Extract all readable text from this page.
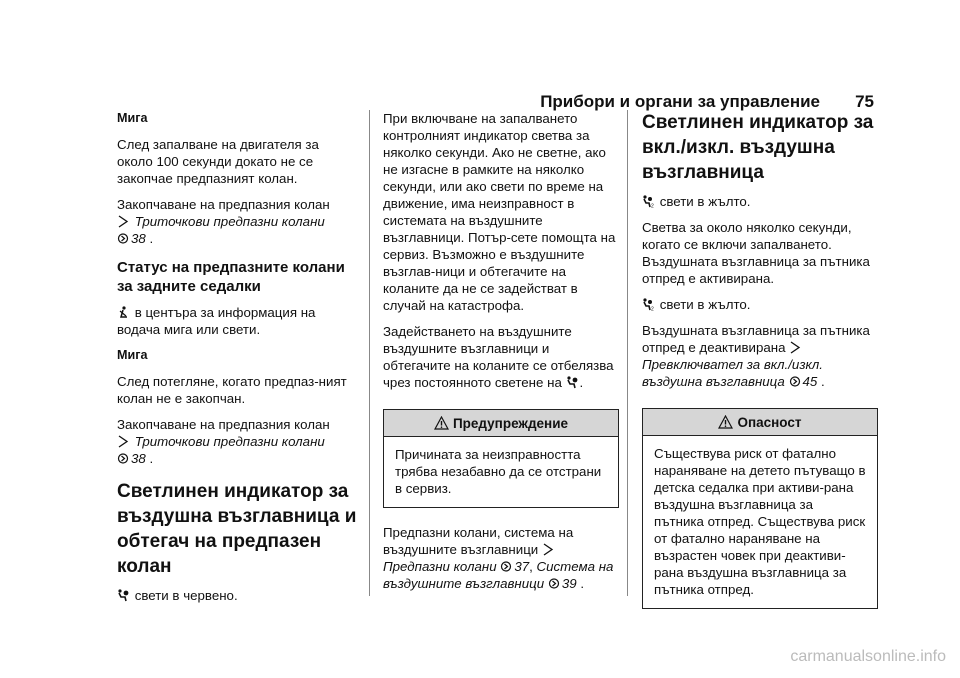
Прибори и органи за управление	75
Мига

След запалване на двигателя за около 100 секунди докато не се закопчае предпазният колан.

Закопчаване на предпазния колан
Триточкови предпазни колани
38 .

Статус на предпазните колани за задните седалки

в центъра за информация на водача мига или свети.

Мига

След потегляне, когато предпаз-ният колан не е закопчан.

Закопчаване на предпазния колан
Триточкови предпазни колани
38 .

Светлинен индикатор за въздушна възглавница и обтегач на предпазен колан

свети в червено.

При включване на запалването контролният индикатор светва за няколко секунди. Ако не светне, ако не изгасне в рамките на няколко секунди, или ако свети по време на движение, има неизправност в системата на въздушните възглавници. Потър-сете помощта на сервиз. Възможно е въздушните възглав-ници и обтегачите на коланите да не се задействат в случай на катастрофа.

Задействането на въздушните въздушните възглавници и обтегачите на коланите се отбелязва чрез постоянното светене на .

Предупреждение
Причината за неизправността трябва незабавно да се отстрани в сервиз.

Предпазни колани, система на въздушните възглавници
Предпазни колани 37, Система на въздушните възглавници 39 .

Светлинен индикатор за вкл./изкл. въздушна възглавница

2 свети в жълто.

Светва за около няколко секунди, когато се включи запалването. Въздушната възглавница за пътника отпред е активирана.

2 свети в жълто.

Въздушната възглавница за пътника отпред е деактивирана
Превключвател за вкл./изкл. въздушна възглавница 45 .

Опасност
Съществува риск от фатално нараняване на детето пътуващо в детска седалка при активи-рана въздушна възглавница за пътника отпред. Съществува риск от фатално нараняване на възрастен човек при деактиви-рана въздушна възглавница за пътника отпред.
carmanualsonline.info
